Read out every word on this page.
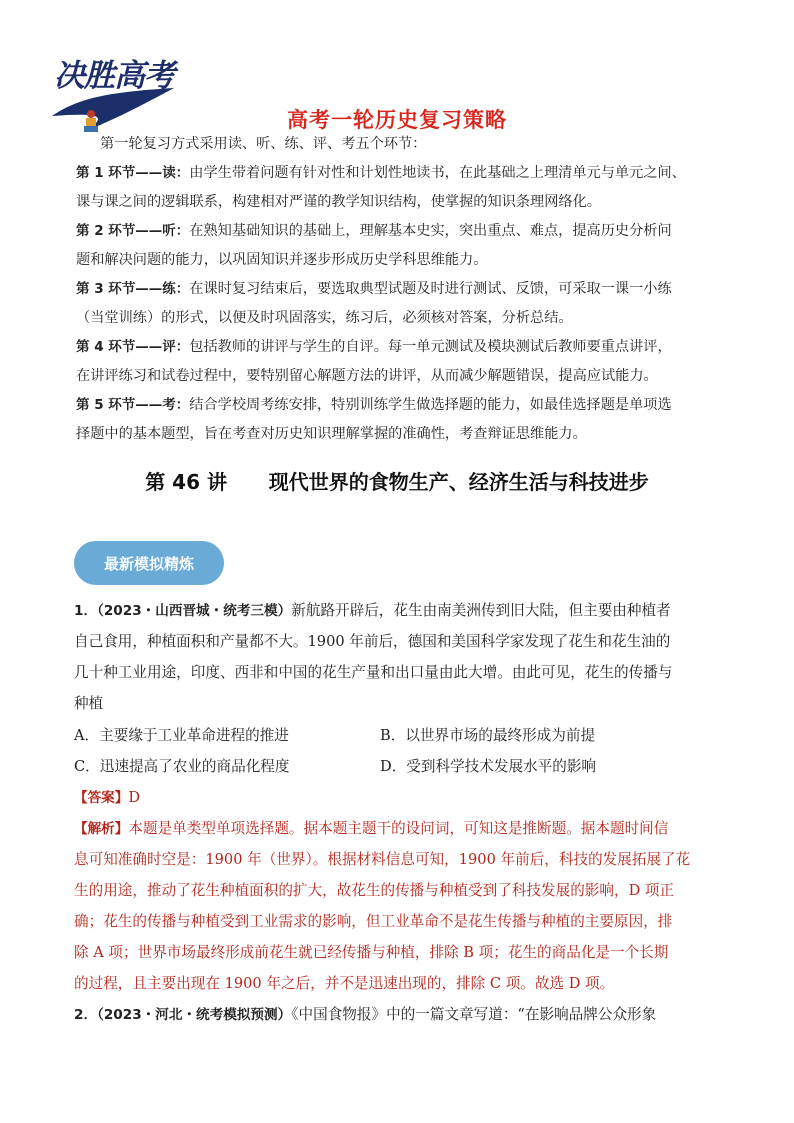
决胜高考
高考一轮历史复习策略
第一轮复习方式采用读、听、练、评、考五个环节：
第 1 环节——读：由学生带着问题有针对性和计划性地读书，在此基础之上理清单元与单元之间、
课与课之间的逻辑联系，构建相对严谨的教学知识结构，使掌握的知识条理网络化。
第 2 环节——听：在熟知基础知识的基础上，理解基本史实，突出重点、难点，提高历史分析问
题和解决问题的能力，以巩固知识并逐步形成历史学科思维能力。
第 3 环节——练：在课时复习结束后，要选取典型试题及时进行测试、反馈，可采取一课一小练
（当堂训练）的形式，以便及时巩固落实，练习后，必须核对答案，分析总结。
第 4 环节——评：包括教师的讲评与学生的自评。每一单元测试及模块测试后教师要重点讲评，
在讲评练习和试卷过程中，要特别留心解题方法的讲评，从而减少解题错误，提高应试能力。
第 5 环节——考：结合学校周考练安排，特别训练学生做选择题的能力，如最佳选择题是单项选
择题中的基本题型，旨在考查对历史知识理解掌握的准确性，考查辩证思维能力。
第 46 讲      现代世界的食物生产、经济生活与科技进步
最新模拟精炼
1．（2023・山西晋城・统考三模）新航路开辟后，花生由南美洲传到旧大陆，但主要由种植者
自己食用，种植面积和产量都不大。1900 年前后，德国和美国科学家发现了花生和花生油的
几十种工业用途，印度、西非和中国的花生产量和出口量由此大增。由此可见，花生的传播与
种植
A．主要缘于工业革命进程的推进	B．以世界市场的最终形成为前提
C．迅速提高了农业的商品化程度	D．受到科学技术发展水平的影响
【答案】D
【解析】本题是单类型单项选择题。据本题主题干的设问词，可知这是推断题。据本题时间信
息可知准确时空是：1900 年（世界）。根据材料信息可知，1900 年前后，科技的发展拓展了花
生的用途，推动了花生种植面积的扩大，故花生的传播与种植受到了科技发展的影响，D 项正
确；花生的传播与种植受到工业需求的影响，但工业革命不是花生传播与种植的主要原因，排
除 A 项；世界市场最终形成前花生就已经传播与种植，排除 B 项；花生的商品化是一个长期
的过程，且主要出现在 1900 年之后，并不是迅速出现的，排除 C 项。故选 D 项。
2．（2023・河北・统考模拟预测）《中国食物报》中的一篇文章写道：“在影响品牌公众形象
